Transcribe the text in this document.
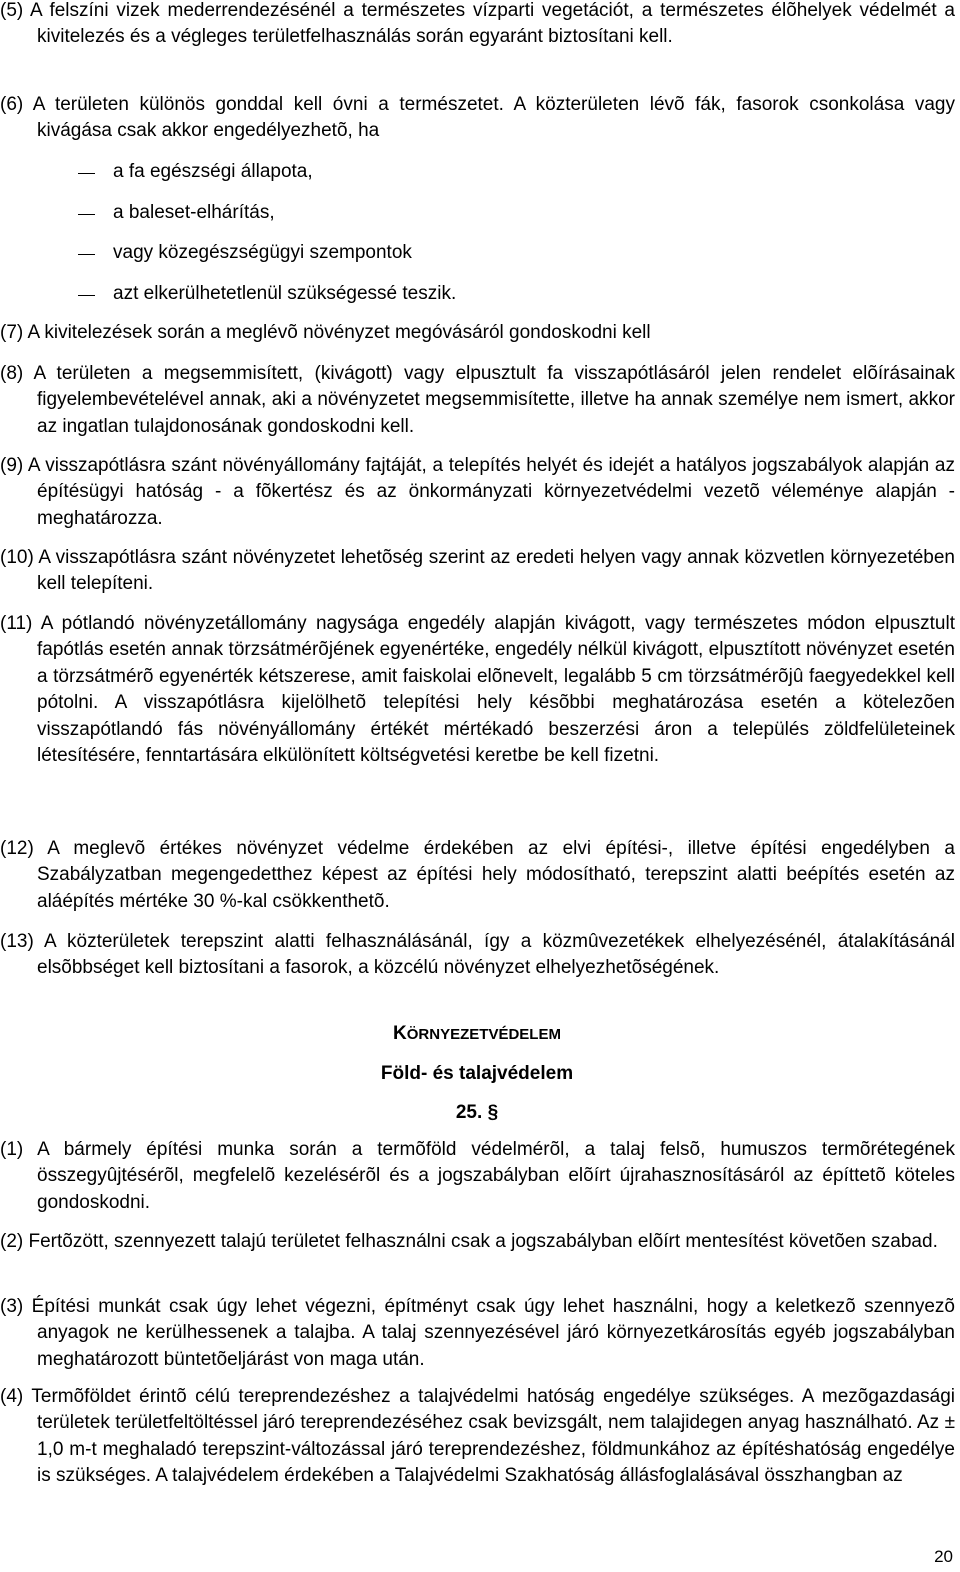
(5) A felszíni vizek mederrendezésénél a természetes vízparti vegetációt, a természetes élõhelyek védelmét a kivitelezés és a végleges területfelhasználás során egyaránt biztosítani kell.

(6) A területen különös gonddal kell óvni a természetet. A közterületen lévõ fák, fasorok csonkolása vagy kivágása csak akkor engedélyezhetõ, ha

a fa egészségi állapota,
a baleset-elhárítás,
vagy közegészségügyi szempontok
azt elkerülhetetlenül szükségessé teszik.

(7) A kivitelezések során a meglévõ növényzet megóvásáról gondoskodni kell

(8) A területen a megsemmisített, (kivágott) vagy elpusztult fa visszapótlásáról jelen rendelet elõírásainak figyelembevételével annak, aki a növényzetet megsemmisítette, illetve ha annak személye nem ismert, akkor az ingatlan tulajdonosának gondoskodni kell.

(9) A visszapótlásra szánt növényállomány fajtáját, a telepítés helyét és idejét a hatályos jogszabályok alapján az építésügyi hatóság - a fõkertész és az önkormányzati környezetvédelmi vezetõ véleménye alapján - meghatározza.

(10) A visszapótlásra szánt növényzetet lehetõség szerint az eredeti helyen vagy annak közvetlen környezetében kell telepíteni.

(11) A pótlandó növényzetállomány nagysága engedély alapján kivágott, vagy természetes módon elpusztult fapótlás esetén annak törzsátmérõjének egyenértéke, engedély nélkül kivágott, elpusztított növényzet esetén a törzsátmérõ egyenérték kétszerese, amit faiskolai elõnevelt, legalább 5 cm törzsátmérõjû faegyedekkel kell pótolni. A visszapótlásra kijelölhetõ telepítési hely késõbbi meghatározása esetén a kötelezõen visszapótlandó fás növényállomány értékét mértékadó beszerzési áron a település zöldfelületeinek létesítésére, fenntartására elkülönített költségvetési keretbe be kell fizetni.

(12) A meglevõ értékes növényzet védelme érdekében az elvi építési-, illetve építési engedélyben a Szabályzatban megengedetthez képest az építési hely módosítható, terepszint alatti beépítés esetén az aláépítés mértéke 30 %-kal csökkenthetõ.

(13) A közterületek terepszint alatti felhasználásánál, így a közmûvezetékek elhelyezésénél, átalakításánál elsõbbséget kell biztosítani a fasorok, a közcélú növényzet elhelyezhetõségének.

KÖRNYEZETVÉDELEM
Föld- és talajvédelem
25. §

(1) A bármely építési munka során a termõföld védelmérõl, a talaj felsõ, humuszos termõrétegének összegyûjtésérõl, megfelelõ kezelésérõl és a jogszabályban elõírt újrahasznosításáról az építtetõ köteles gondoskodni.

(2) Fertõzött, szennyezett talajú területet felhasználni csak a jogszabályban elõírt mentesítést követõen szabad.

(3) Építési munkát csak úgy lehet végezni, építményt csak úgy lehet használni, hogy a keletkezõ szennyezõ anyagok ne kerülhessenek a talajba. A talaj szennyezésével járó környezetkárosítás egyéb jogszabályban meghatározott büntetõeljárást von maga után.

(4) Termõföldet érintõ célú tereprendezéshez a talajvédelmi hatóság engedélye szükséges. A mezõgazdasági területek területfeltöltéssel járó tereprendezéséhez csak bevizsgált, nem talajidegen anyag használható. Az ± 1,0 m-t meghaladó terepszint-változással járó tereprendezéshez, földmunkához az építéshatóság engedélye is szükséges. A talajvédelem érdekében a Talajvédelmi Szakhatóság állásfoglalásával összhangban az

20
